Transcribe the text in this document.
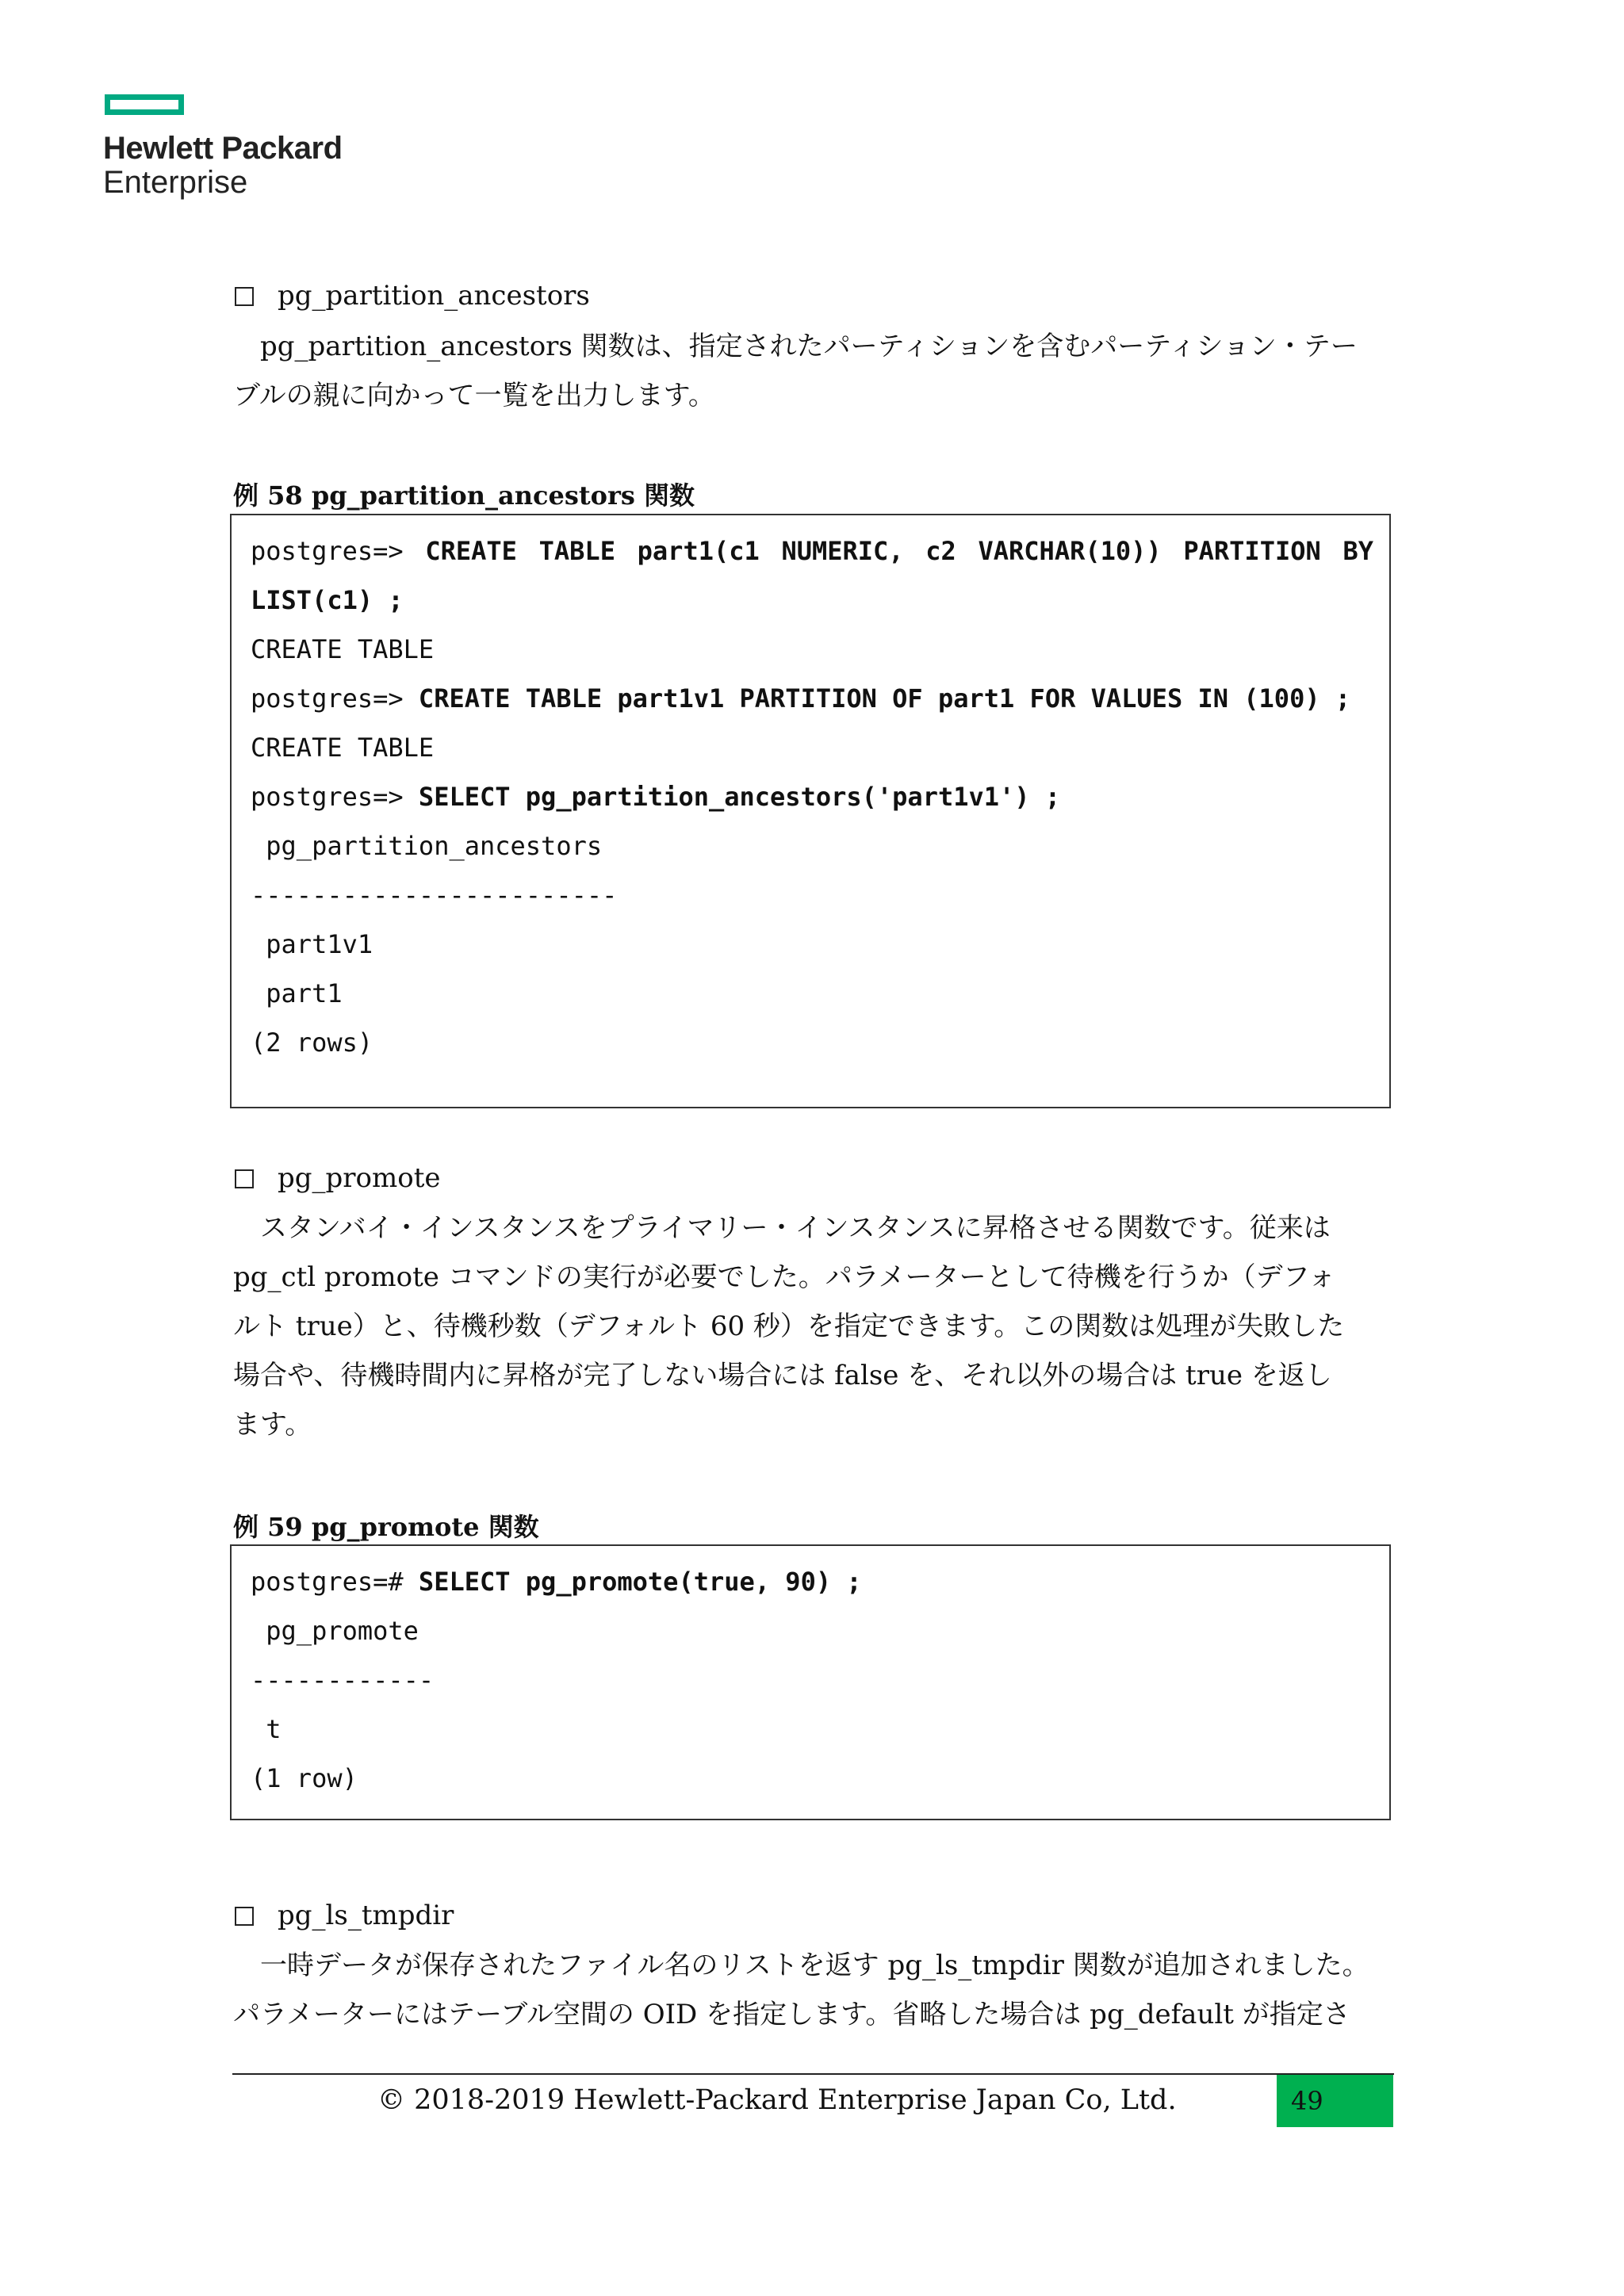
Hewlett Packard
Enterprise
pg_partition_ancestors

pg_partition_ancestors 関数は、指定されたパーティションを含むパーティション・テー

ブルの親に向かって一覧を出力します。

例 58 pg_partition_ancestors 関数
postgres=> CREATE TABLE part1(c1 NUMERIC, c2 VARCHAR(10)) PARTITION BY
LIST(c1) ;
CREATE TABLE
postgres=> CREATE TABLE part1v1 PARTITION OF part1 FOR VALUES IN (100) ;
CREATE TABLE
postgres=> SELECT pg_partition_ancestors('part1v1') ;
pg_partition_ancestors
------------------------
part1v1
part1
(2 rows)
pg_promote

スタンバイ・インスタンスをプライマリー・インスタンスに昇格させる関数です。従来は

pg_ctl promote コマンドの実行が必要でした。パラメーターとして待機を行うか（デフォ

ルト true）と、待機秒数（デフォルト 60 秒）を指定できます。この関数は処理が失敗した

場合や、待機時間内に昇格が完了しない場合には false を、それ以外の場合は true を返し

ます。

例 59 pg_promote 関数
postgres=# SELECT pg_promote(true, 90) ;
pg_promote
------------
t
(1 row)
pg_ls_tmpdir

一時データが保存されたファイル名のリストを返す pg_ls_tmpdir 関数が追加されました。

パラメーターにはテーブル空間の OID を指定します。省略した場合は pg_default が指定さ

© 2018-2019 Hewlett-Packard Enterprise Japan Co, Ltd.	49
